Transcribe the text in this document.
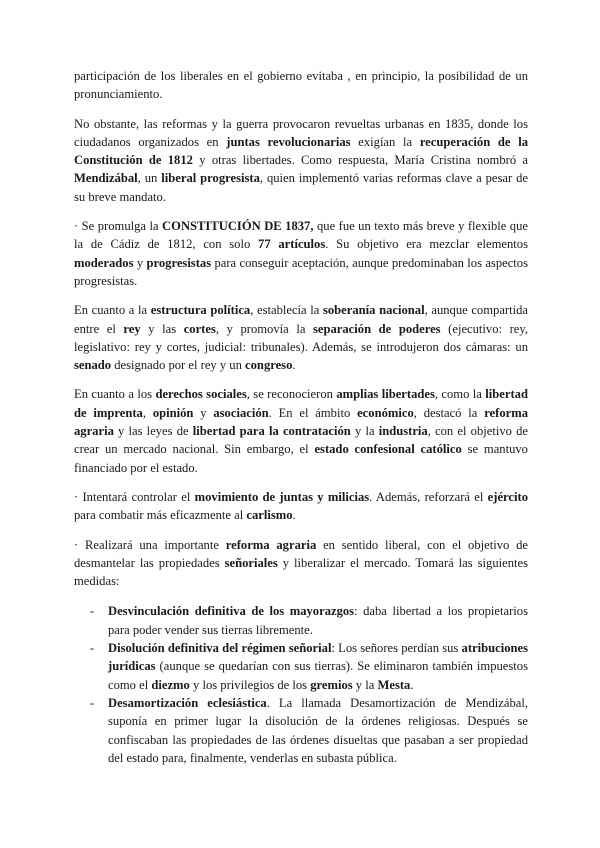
participación de los liberales en el gobierno evitaba , en principio, la posibilidad de un pronunciamiento.

No obstante, las reformas y la guerra provocaron revueltas urbanas en 1835, donde los ciudadanos organizados en juntas revolucionarias exigían la recuperación de la Constitución de 1812 y otras libertades. Como respuesta, María Cristina nombró a Mendizábal, un liberal progresista, quien implementó varias reformas clave a pesar de su breve mandato.

· Se promulga la CONSTITUCIÓN DE 1837, que fue un texto más breve y flexible que la de Cádiz de 1812, con solo 77 artículos. Su objetivo era mezclar elementos moderados y progresistas para conseguir aceptación, aunque predominaban los aspectos progresistas.

En cuanto a la estructura política, establecía la soberanía nacional, aunque compartida entre el rey y las cortes, y promovía la separación de poderes (ejecutivo: rey, legislativo: rey y cortes, judicial: tribunales). Además, se introdujeron dos cámaras: un senado designado por el rey y un congreso.

En cuanto a los derechos sociales, se reconocieron amplias libertades, como la libertad de imprenta, opinión y asociación. En el ámbito económico, destacó la reforma agraria y las leyes de libertad para la contratación y la industria, con el objetivo de crear un mercado nacional. Sin embargo, el estado confesional católico se mantuvo financiado por el estado.

· Intentará controlar el movimiento de juntas y milicias. Además, reforzará el ejército para combatir más eficazmente al carlismo.

· Realizará una importante reforma agraria en sentido liberal, con el objetivo de desmantelar las propiedades señoriales y liberalizar el mercado. Tomará las siguientes medidas:

- Desvinculación definitiva de los mayorazgos: daba libertad a los propietarios para poder vender sus tierras libremente.
- Disolución definitiva del régimen señorial: Los señores perdían sus atribuciones jurídicas (aunque se quedarían con sus tierras). Se eliminaron también impuestos como el diezmo y los privilegios de los gremios y la Mesta.
- Desamortización eclesiástica. La llamada Desamortización de Mendizábal, suponía en primer lugar la disolución de la órdenes religiosas. Después se confiscaban las propiedades de las órdenes disueltas que pasaban a ser propiedad del estado para, finalmente, venderlas en subasta pública.
